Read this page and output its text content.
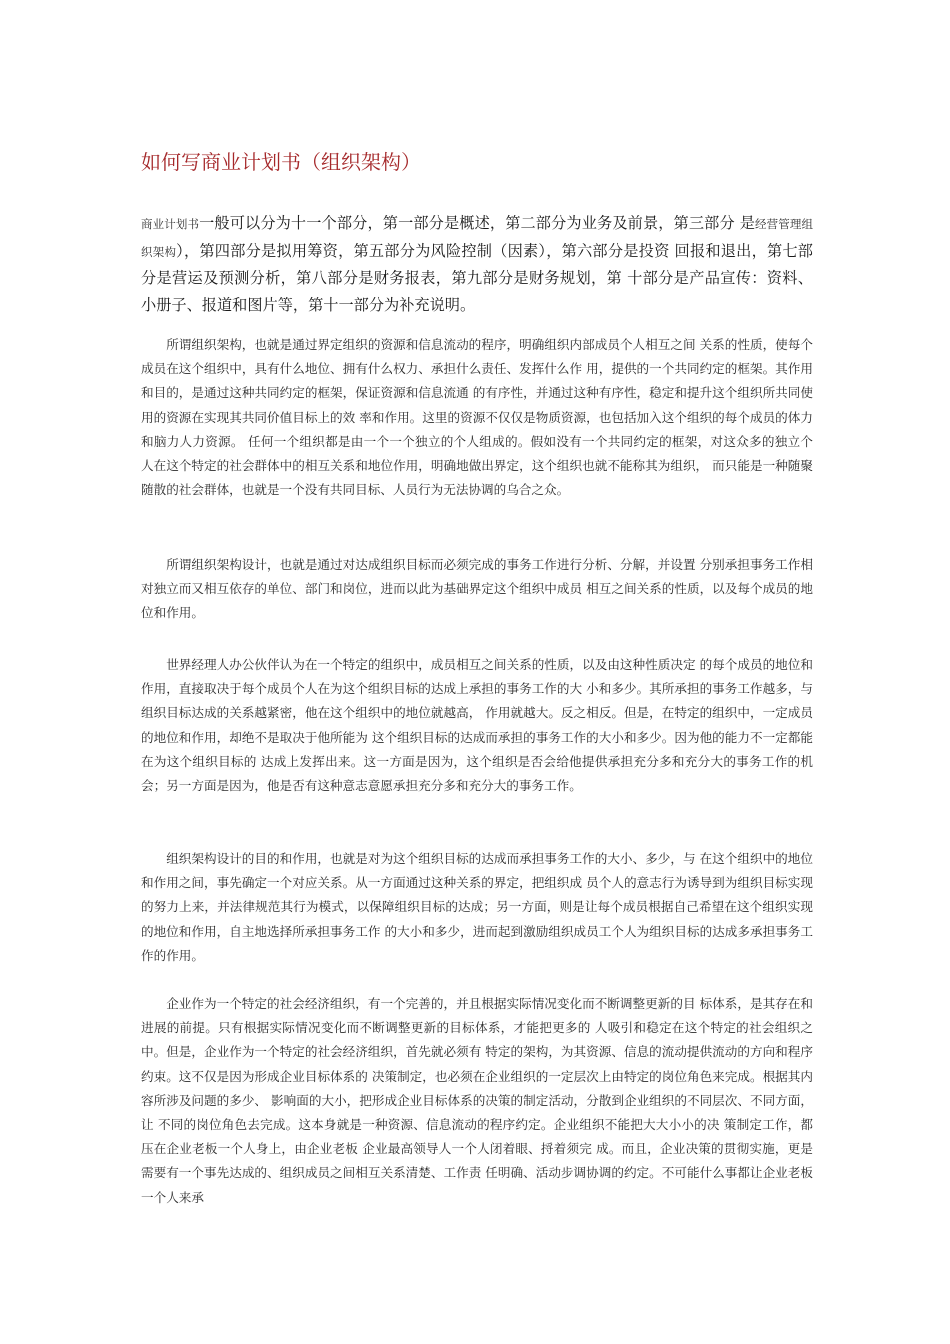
如何写商业计划书（组织架构）

商业计划书一般可以分为十一个部分，第一部分是概述，第二部分为业务及前景，第三部分 是经营管理组织架构），第四部分是拟用筹资，第五部分为风险控制（因素），第六部分是投资 回报和退出，第七部分是营运及预测分析，第八部分是财务报表，第九部分是财务规划，第 十部分是产品宣传：资料、小册子、报道和图片等，第十一部分为补充说明。

所谓组织架构，也就是通过界定组织的资源和信息流动的程序，明确组织内部成员个人相互之间 关系的性质，使每个成员在这个组织中，具有什么地位、拥有什么权力、承担什么责任、发挥什么作 用，提供的一个共同约定的框架。其作用和目的，是通过这种共同约定的框架，保证资源和信息流通 的有序性，并通过这种有序性，稳定和提升这个组织所共同使用的资源在实现其共同价值目标上的效 率和作用。这里的资源不仅仅是物质资源，也包括加入这个组织的每个成员的体力和脑力人力资源。 任何一个组织都是由一个一个独立的个人组成的。假如没有一个共同约定的框架，对这众多的独立个 人在这个特定的社会群体中的相互关系和地位作用，明确地做出界定，这个组织也就不能称其为组织， 而只能是一种随聚随散的社会群体，也就是一个没有共同目标、人员行为无法协调的乌合之众。

所谓组织架构设计，也就是通过对达成组织目标而必须完成的事务工作进行分析、分解，并设置 分别承担事务工作相对独立而又相互依存的单位、部门和岗位，进而以此为基础界定这个组织中成员 相互之间关系的性质，以及每个成员的地位和作用。

世界经理人办公伙伴认为在一个特定的组织中，成员相互之间关系的性质，以及由这种性质决定 的每个成员的地位和作用，直接取决于每个成员个人在为这个组织目标的达成上承担的事务工作的大 小和多少。其所承担的事务工作越多，与组织目标达成的关系越紧密，他在这个组织中的地位就越高， 作用就越大。反之相反。但是，在特定的组织中，一定成员的地位和作用，却绝不是取决于他所能为 这个组织目标的达成而承担的事务工作的大小和多少。因为他的能力不一定都能在为这个组织目标的 达成上发挥出来。这一方面是因为，这个组织是否会给他提供承担充分多和充分大的事务工作的机会；另一方面是因为，他是否有这种意志意愿承担充分多和充分大的事务工作。

组织架构设计的目的和作用，也就是对为这个组织目标的达成而承担事务工作的大小、多少，与 在这个组织中的地位和作用之间，事先确定一个对应关系。从一方面通过这种关系的界定，把组织成 员个人的意志行为诱导到为组织目标实现的努力上来，并法律规范其行为模式，以保障组织目标的达成；另一方面，则是让每个成员根据自己希望在这个组织实现的地位和作用，自主地选择所承担事务工作 的大小和多少，进而起到激励组织成员工个人为组织目标的达成多承担事务工作的作用。

企业作为一个特定的社会经济组织，有一个完善的，并且根据实际情况变化而不断调整更新的目 标体系，是其存在和进展的前提。只有根据实际情况变化而不断调整更新的目标体系，才能把更多的 人吸引和稳定在这个特定的社会组织之中。但是，企业作为一个特定的社会经济组织，首先就必须有 特定的架构，为其资源、信息的流动提供流动的方向和程序约束。这不仅是因为形成企业目标体系的 决策制定，也必须在企业组织的一定层次上由特定的岗位角色来完成。根据其内容所涉及问题的多少、 影响面的大小，把形成企业目标体系的决策的制定活动，分散到企业组织的不同层次、不同方面，让 不同的岗位角色去完成。这本身就是一种资源、信息流动的程序约定。企业组织不能把大大小小的决 策制定工作，都压在企业老板一个人身上，由企业老板 企业最高领导人一个人闭着眼、捋着须完 成。而且，企业决策的贯彻实施，更是需要有一个事先达成的、组织成员之间相互关系清楚、工作责 任明确、活动步调协调的约定。不可能什么事都让企业老板一个人来承
